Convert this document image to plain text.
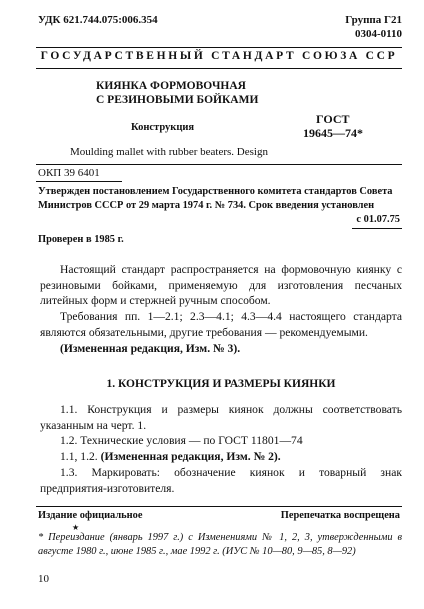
УДК 621.744.075:006.354	Группа Г21
0304-0110
ГОСУДАРСТВЕННЫЙ СТАНДАРТ СОЮЗА ССР
КИЯНКА ФОРМОВОЧНАЯ
С РЕЗИНОВЫМИ БОЙКАМИ
Конструкция
ГОСТ
19645—74*
Moulding mallet with rubber beaters. Design
ОКП 39 6401
Утвержден постановлением Государственного комитета стандартов Совета
Министров СССР от 29 марта 1974 г. № 734. Срок введения установлен
с 01.07.75
Проверен в 1985 г.
Настоящий стандарт распространяется на формовочную киянку с резиновыми бойками, применяемую для изготовления песчаных литейных форм и стержней ручным способом.
Требования пп. 1—2.1; 2.3—4.1; 4.3—4.4 настоящего стандарта являются обязательными, другие требования — рекомендуемыми.
(Измененная редакция, Изм. № 3).
1. КОНСТРУКЦИЯ И РАЗМЕРЫ КИЯНКИ
1.1. Конструкция и размеры киянок должны соответствовать указанным на черт. 1.
1.2. Технические условия — по ГОСТ 11801—74
1.1, 1.2. (Измененная редакция, Изм. № 2).
1.3. Маркировать: обозначение киянок и товарный знак предприятия-изготовителя.
Издание официальное	Перепечатка воспрещена
★
* Переиздание (январь 1997 г.) с Изменениями № 1, 2, 3, утвержденными в августе 1980 г., июне 1985 г., мае 1992 г. (ИУС № 10—80, 9—85, 8—92)
10
